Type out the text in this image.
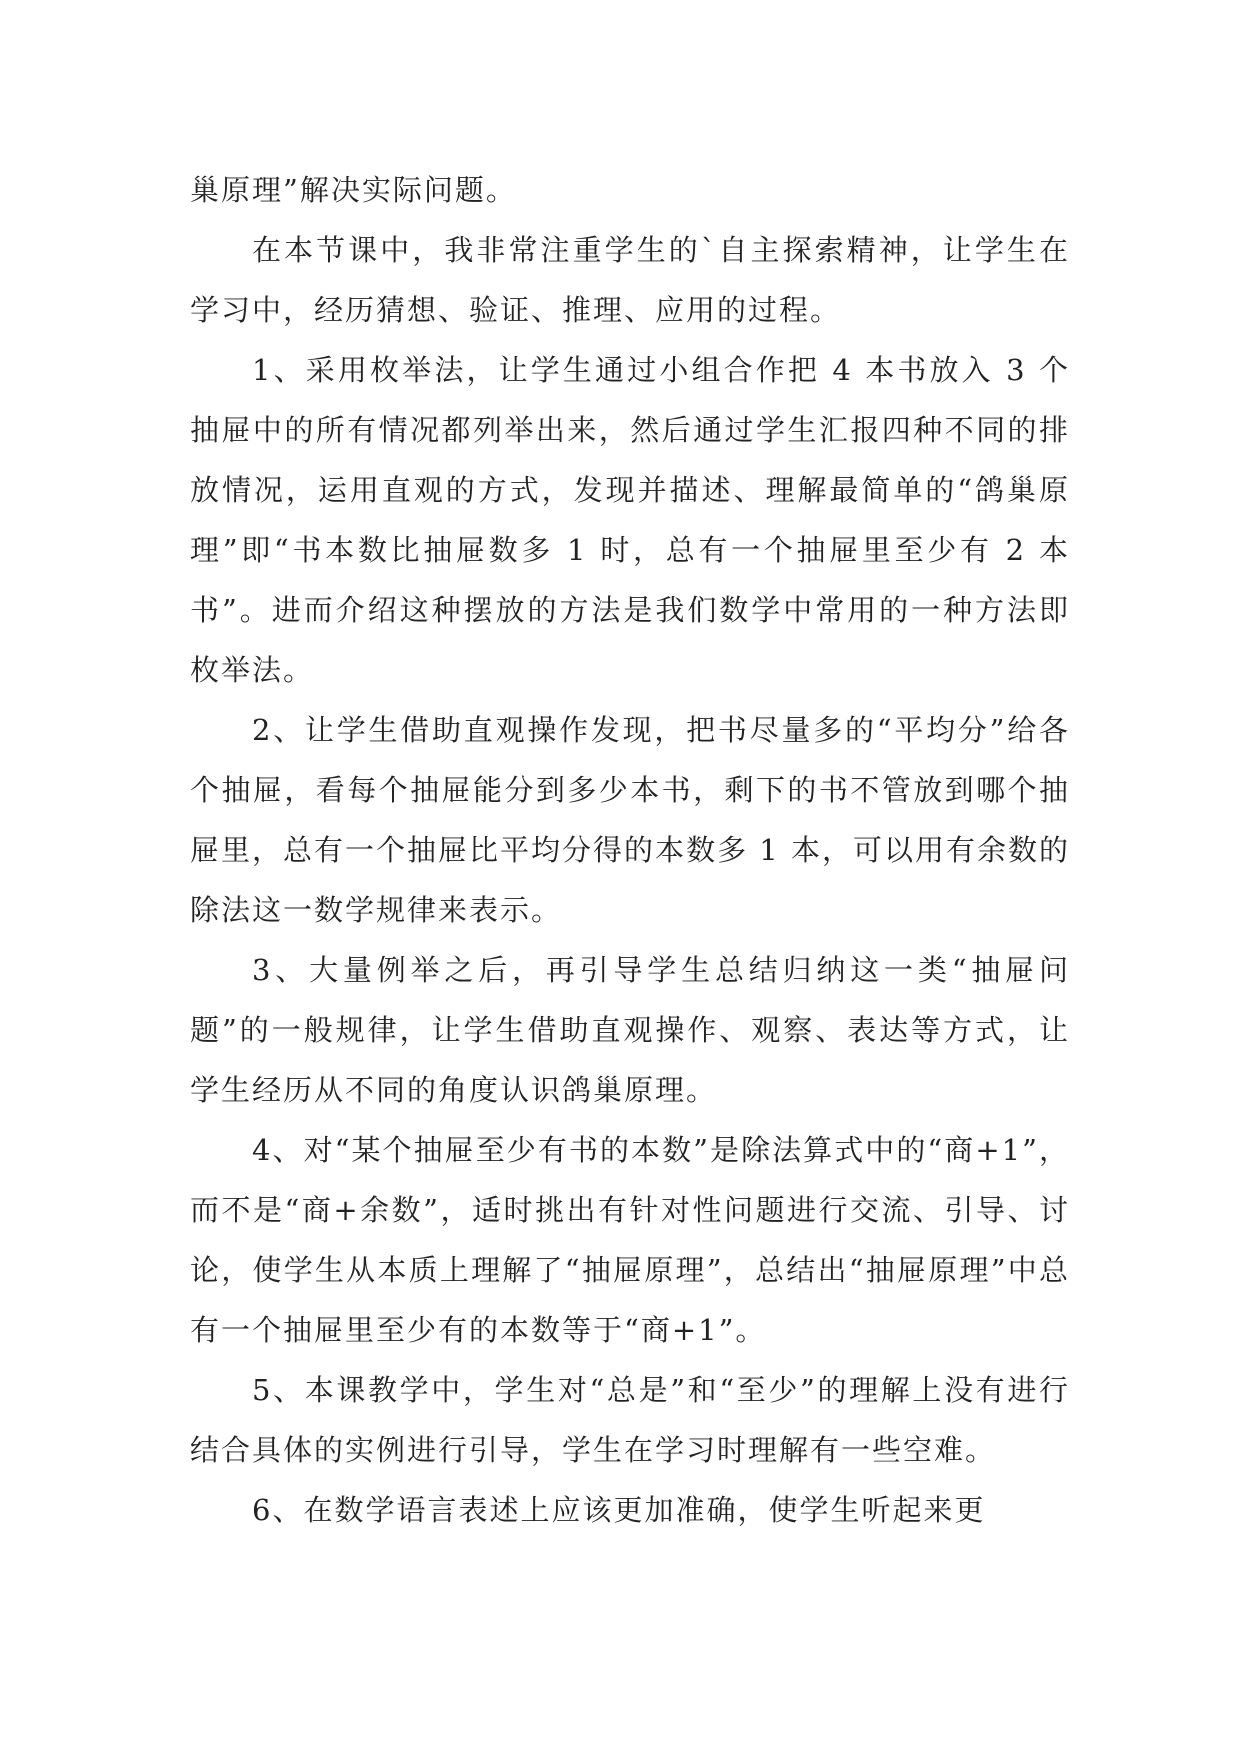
巢原理”解决实际问题。

在本节课中，我非常注重学生的`自主探索精神，让学生在学习中，经历猜想、验证、推理、应用的过程。

1、采用枚举法，让学生通过小组合作把 4 本书放入 3 个抽屉中的所有情况都列举出来，然后通过学生汇报四种不同的排放情况，运用直观的方式，发现并描述、理解最简单的“鸽巢原理”即“书本数比抽屉数多 1 时，总有一个抽屉里至少有 2 本书”。进而介绍这种摆放的方法是我们数学中常用的一种方法即枚举法。

2、让学生借助直观操作发现，把书尽量多的“平均分”给各个抽屉，看每个抽屉能分到多少本书，剩下的书不管放到哪个抽屉里，总有一个抽屉比平均分得的本数多 1 本，可以用有余数的除法这一数学规律来表示。

3、大量例举之后，再引导学生总结归纳这一类“抽屉问题”的一般规律，让学生借助直观操作、观察、表达等方式，让学生经历从不同的角度认识鸽巢原理。

4、对“某个抽屉至少有书的本数”是除法算式中的“商+1”，而不是“商+余数”，适时挑出有针对性问题进行交流、引导、讨论，使学生从本质上理解了“抽屉原理”，总结出“抽屉原理”中总有一个抽屉里至少有的本数等于“商+1”。

5、本课教学中，学生对“总是”和“至少”的理解上没有进行结合具体的实例进行引导，学生在学习时理解有一些空难。

6、在数学语言表述上应该更加准确，使学生听起来更
